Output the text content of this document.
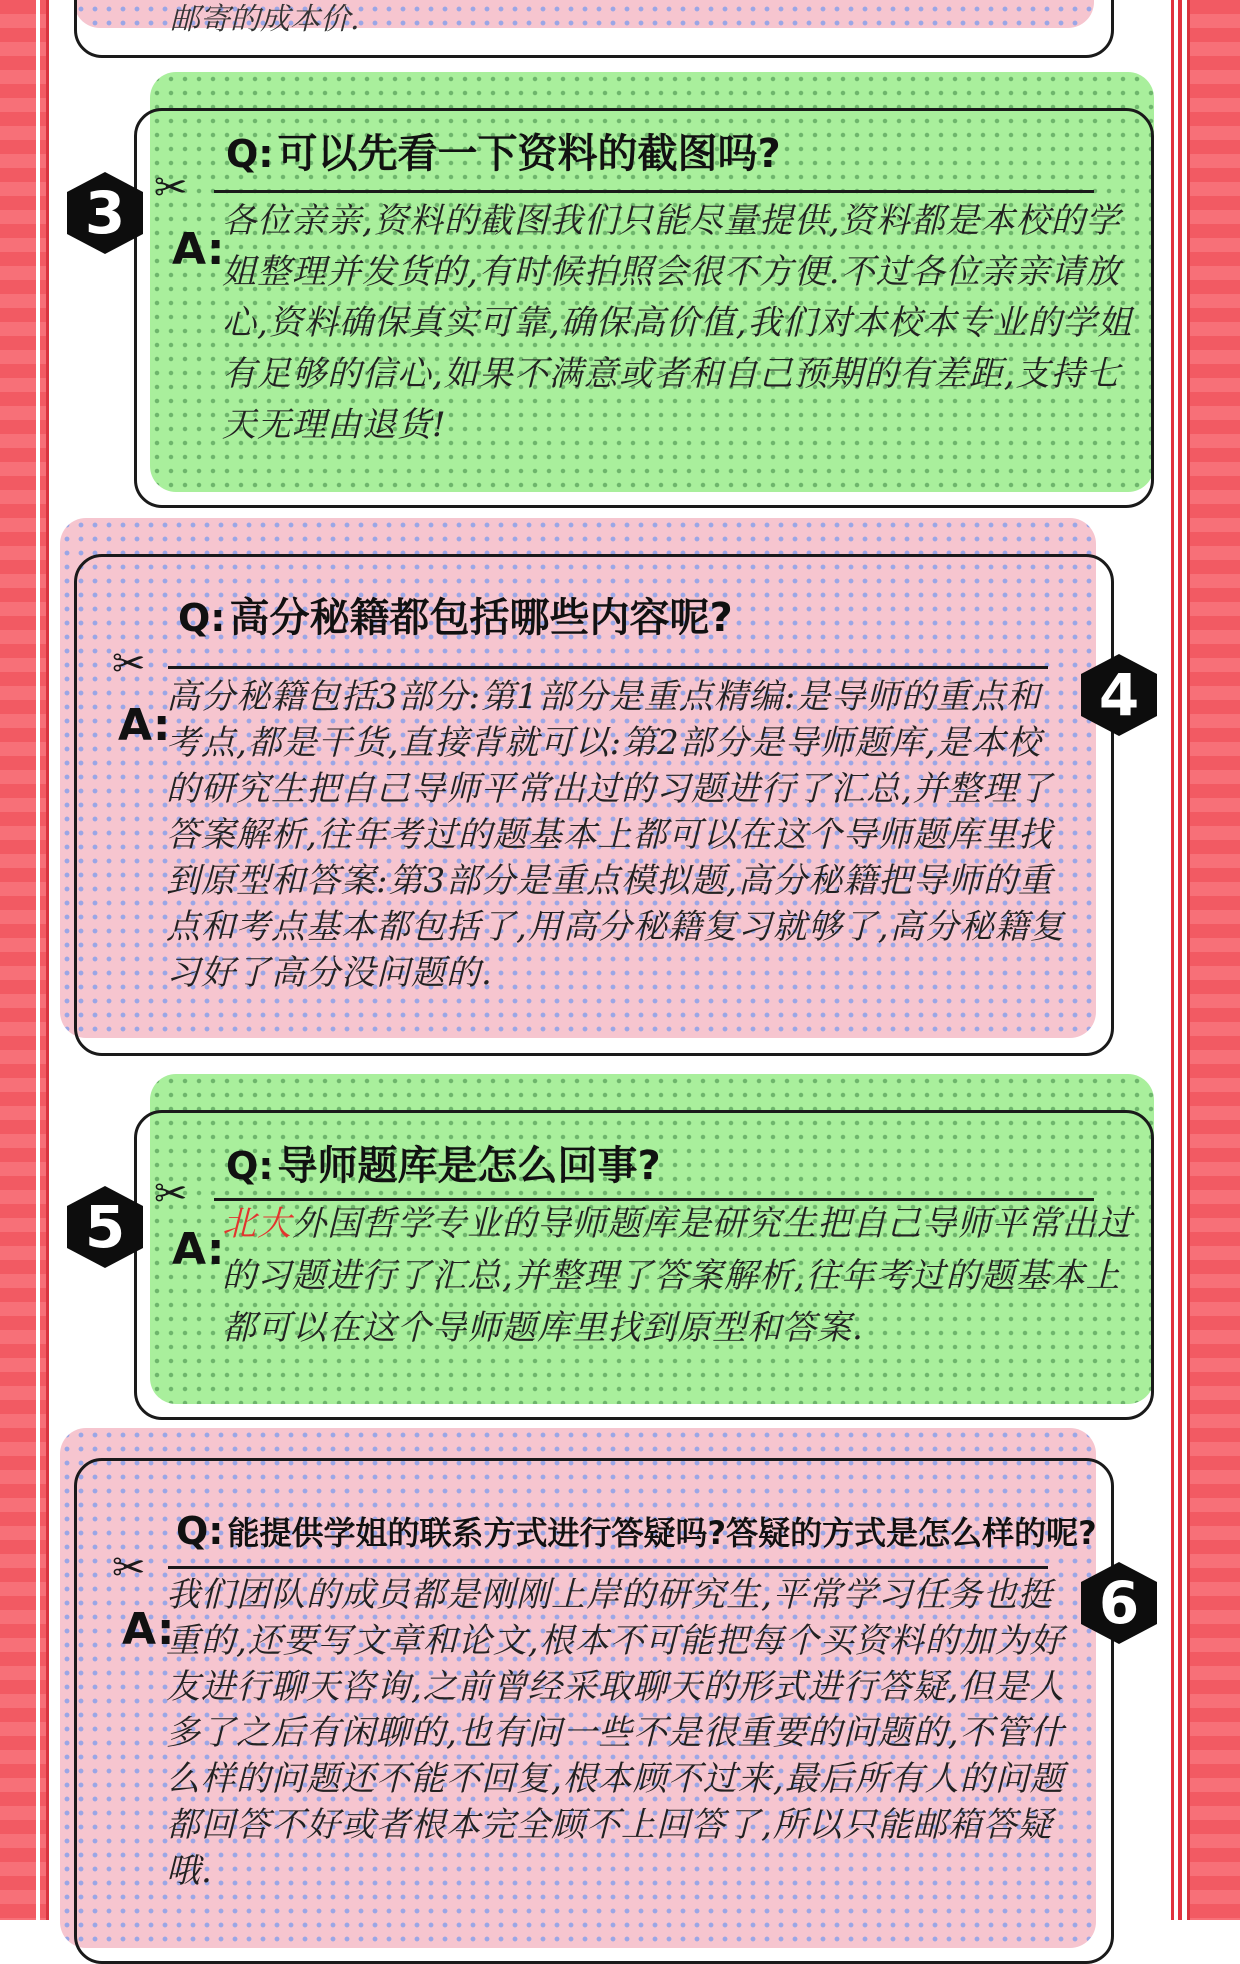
邮寄的成本价.
Q: 可以先看一下资料的截图吗?
✂
A:
各位亲亲,资料的截图我们只能尽量提供,资料都是本校的学姐整理并发货的,有时候拍照会很不方便.不过各位亲亲请放心,资料确保真实可靠,确保高价值,我们对本校本专业的学姐有足够的信心,如果不满意或者和自己预期的有差距,支持七天无理由退货!
3
Q: 高分秘籍都包括哪些内容呢?
✂
A:
高分秘籍包括3部分:第1部分是重点精编:是导师的重点和考点,都是干货,直接背就可以:第2部分是导师题库,是本校的研究生把自己导师平常出过的习题进行了汇总,并整理了答案解析,往年考过的题基本上都可以在这个导师题库里找到原型和答案:第3部分是重点模拟题,高分秘籍把导师的重点和考点基本都包括了,用高分秘籍复习就够了,高分秘籍复习好了高分没问题的.
4
Q: 导师题库是怎么回事?
✂
A:
北大外国哲学专业的导师题库是研究生把自己导师平常出过的习题进行了汇总,并整理了答案解析,往年考过的题基本上都可以在这个导师题库里找到原型和答案.
5
Q: 能提供学姐的联系方式进行答疑吗?答疑的方式是怎么样的呢?
✂
A:
我们团队的成员都是刚刚上岸的研究生,平常学习任务也挺重的,还要写文章和论文,根本不可能把每个买资料的加为好友进行聊天咨询,之前曾经采取聊天的形式进行答疑,但是人多了之后有闲聊的,也有问一些不是很重要的问题的,不管什么样的问题还不能不回复,根本顾不过来,最后所有人的问题都回答不好或者根本完全顾不上回答了,所以只能邮箱答疑哦.
6
